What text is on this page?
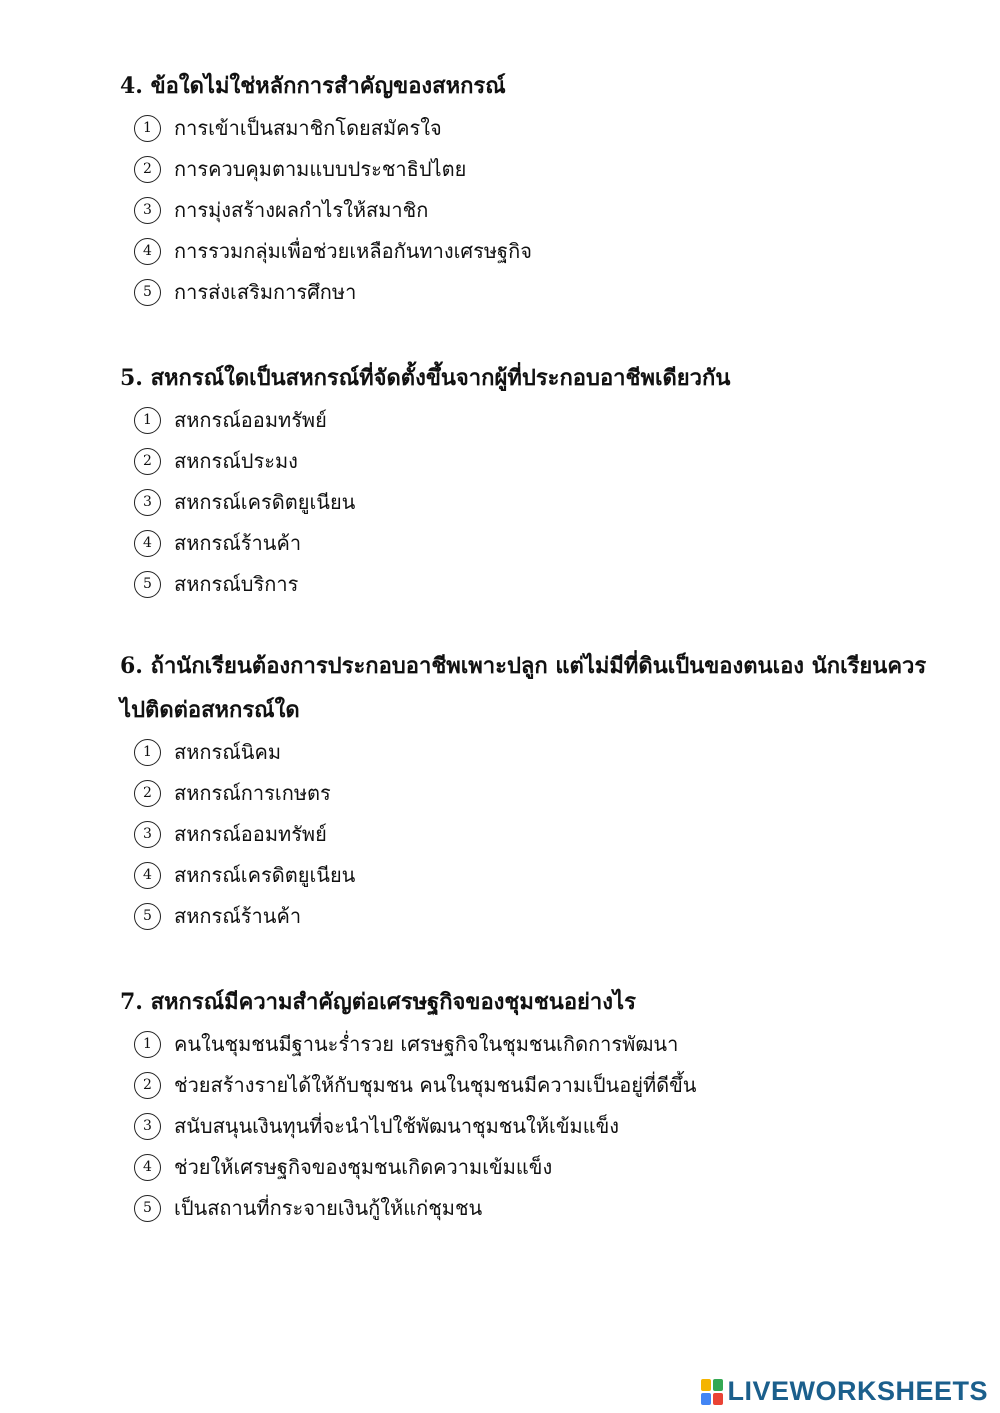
4. ข้อใดไม่ใช่หลักการสำคัญของสหกรณ์
1	การเข้าเป็นสมาชิกโดยสมัครใจ
2	การควบคุมตามแบบประชาธิปไตย
3	การมุ่งสร้างผลกำไรให้สมาชิก
4	การรวมกลุ่มเพื่อช่วยเหลือกันทางเศรษฐกิจ
5	การส่งเสริมการศึกษา
5. สหกรณ์ใดเป็นสหกรณ์ที่จัดตั้งขึ้นจากผู้ที่ประกอบอาชีพเดียวกัน
1	สหกรณ์ออมทรัพย์
2	สหกรณ์ประมง
3	สหกรณ์เครดิตยูเนียน
4	สหกรณ์ร้านค้า
5	สหกรณ์บริการ
6. ถ้านักเรียนต้องการประกอบอาชีพเพาะปลูก แต่ไม่มีที่ดินเป็นของตนเอง นักเรียนควรไปติดต่อสหกรณ์ใด
1	สหกรณ์นิคม
2	สหกรณ์การเกษตร
3	สหกรณ์ออมทรัพย์
4	สหกรณ์เครดิตยูเนียน
5	สหกรณ์ร้านค้า
7. สหกรณ์มีความสำคัญต่อเศรษฐกิจของชุมชนอย่างไร
1	คนในชุมชนมีฐานะร่ำรวย เศรษฐกิจในชุมชนเกิดการพัฒนา
2	ช่วยสร้างรายได้ให้กับชุมชน คนในชุมชนมีความเป็นอยู่ที่ดีขึ้น
3	สนับสนุนเงินทุนที่จะนำไปใช้พัฒนาชุมชนให้เข้มแข็ง
4	ช่วยให้เศรษฐกิจของชุมชนเกิดความเข้มแข็ง
5	เป็นสถานที่กระจายเงินกู้ให้แก่ชุมชน
LIVEWORKSHEETS
